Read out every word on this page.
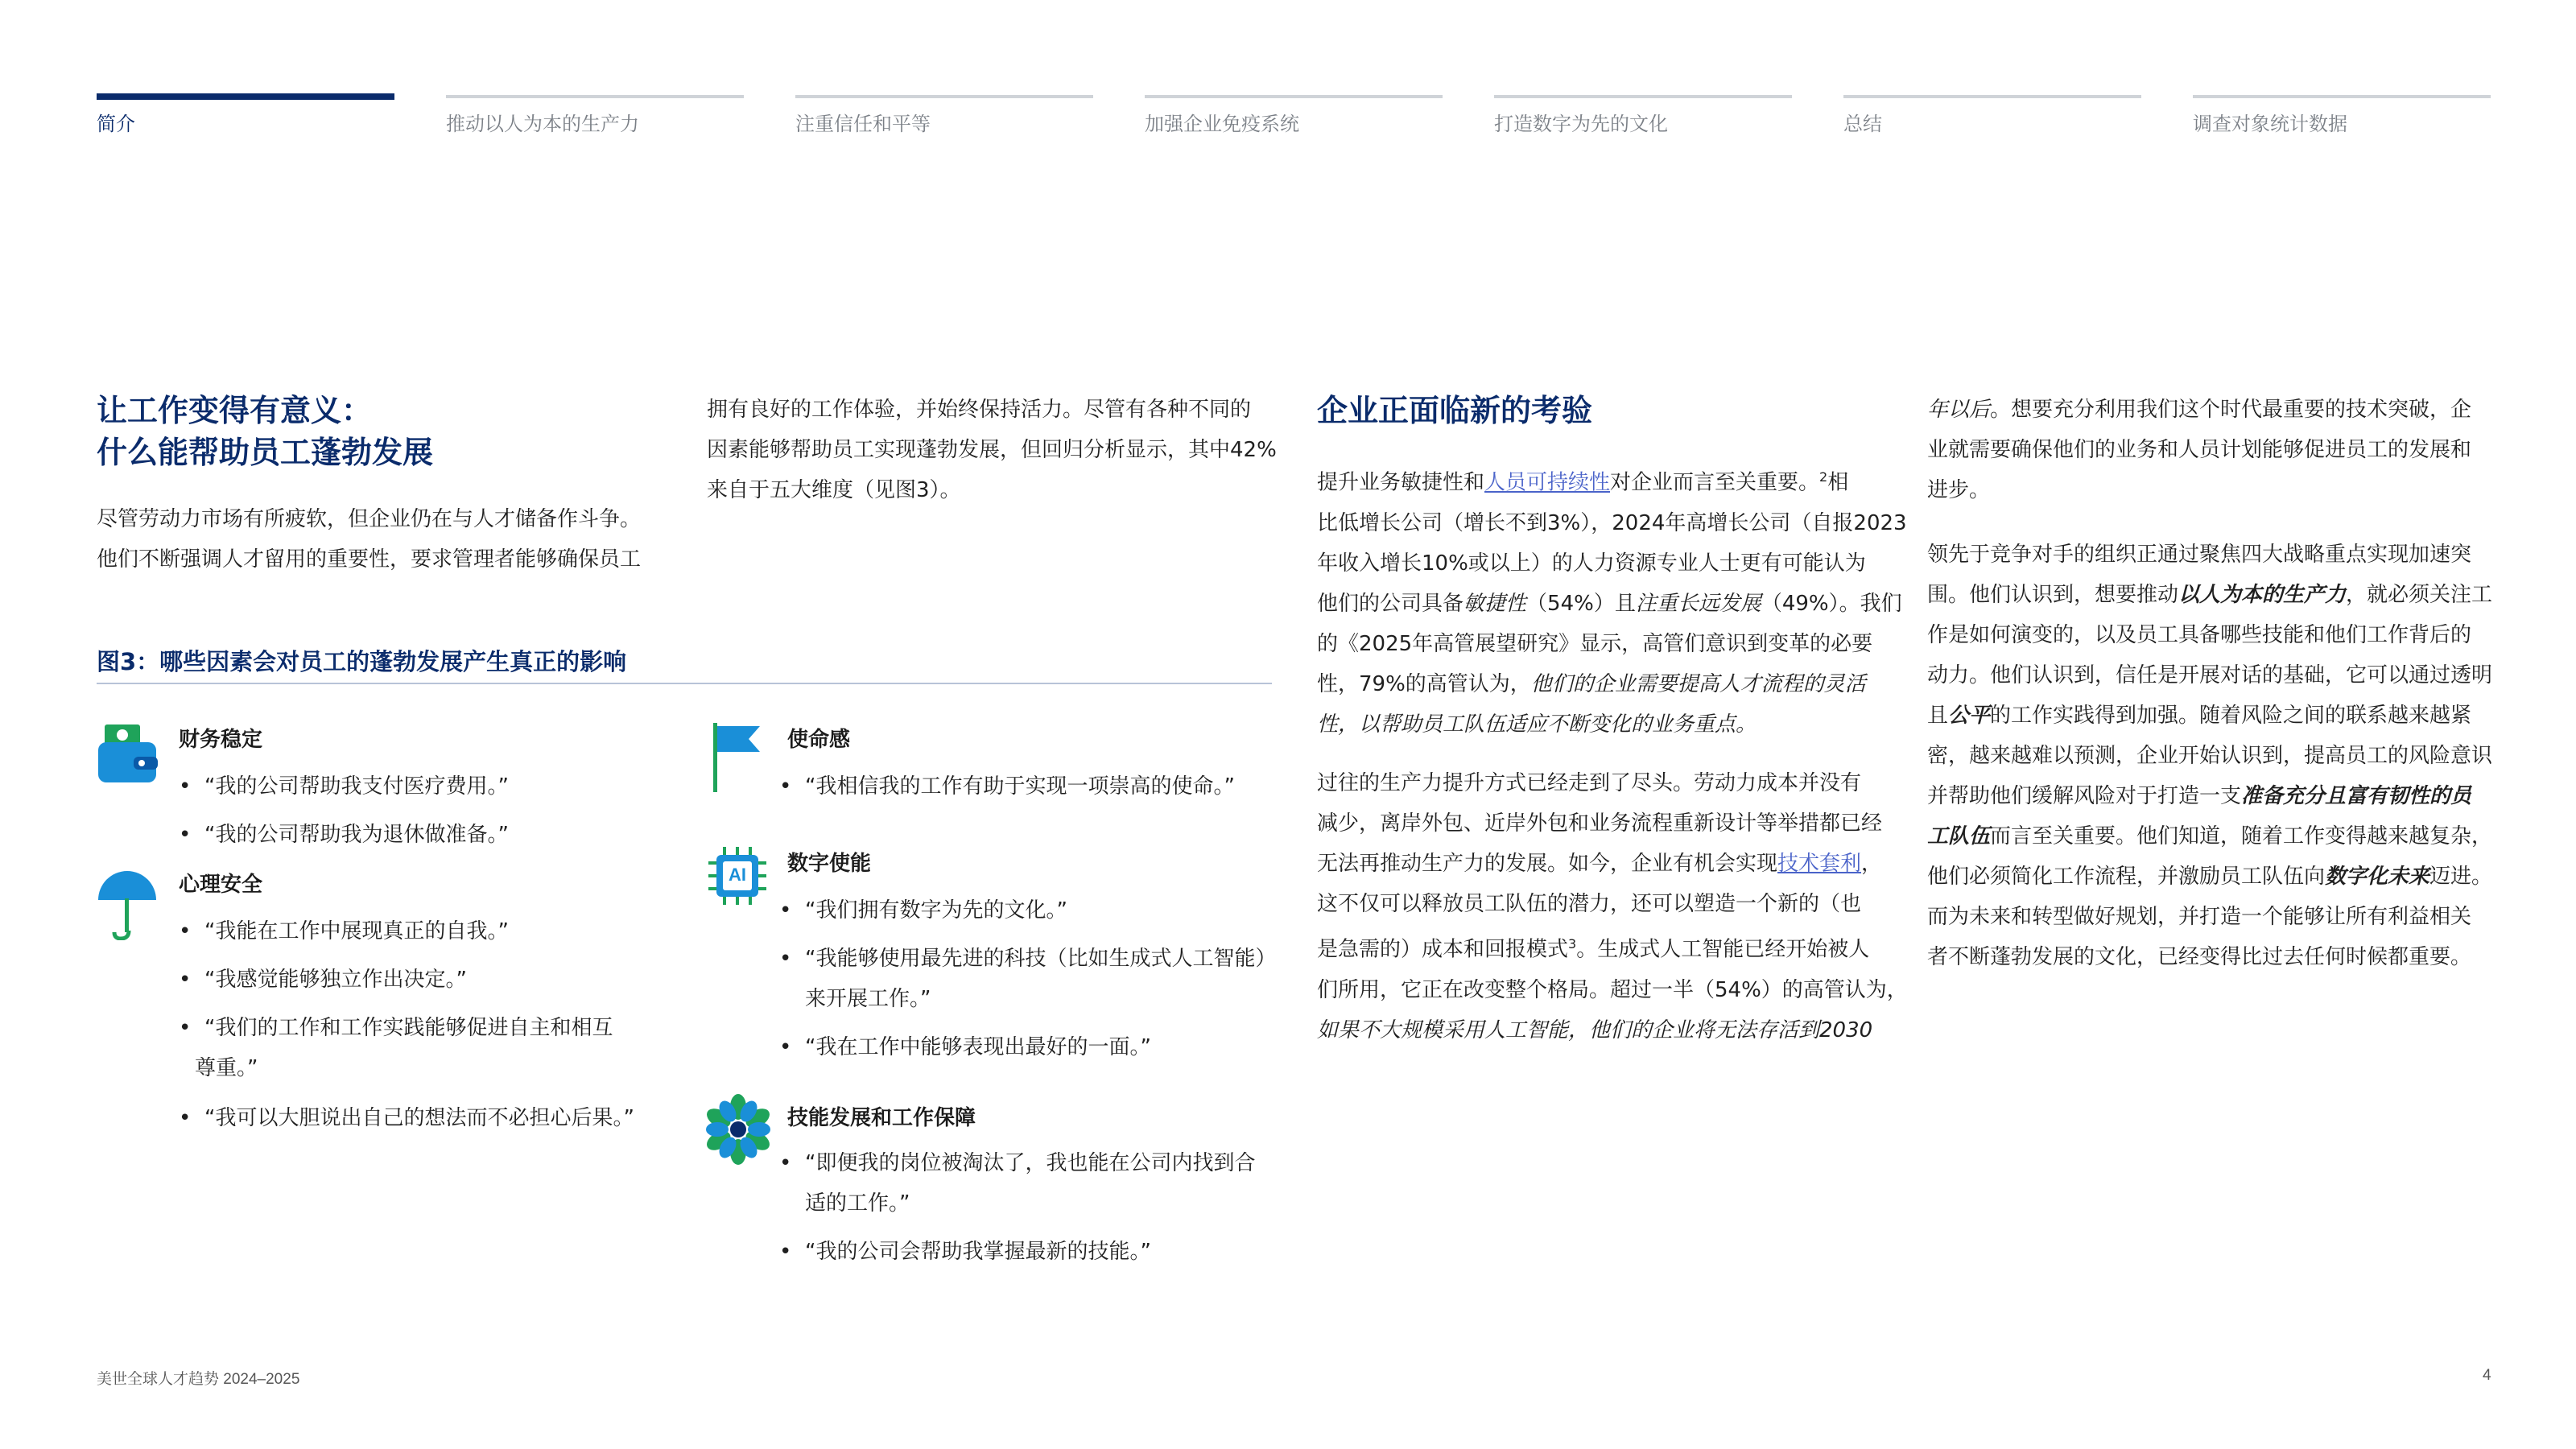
简介	推动以人为本的生产力	注重信任和平等	加强企业免疫系统	打造数字为先的文化	总结	调查对象统计数据
让工作变得有意义：
什么能帮助员工蓬勃发展
尽管劳动力市场有所疲软，但企业仍在与人才储备作斗争。
他们不断强调人才留用的重要性，要求管理者能够确保员工
拥有良好的工作体验，并始终保持活力。尽管有各种不同的
因素能够帮助员工实现蓬勃发展，但回归分析显示，其中42%
来自于五大维度（见图3）。
图3：哪些因素会对员工的蓬勃发展产生真正的影响
财务稳定
• “我的公司帮助我支付医疗费用。”
• “我的公司帮助我为退休做准备。”
心理安全
• “我能在工作中展现真正的自我。”
• “我感觉能够独立作出决定。”
• “我们的工作和工作实践能够促进自主和相互
尊重。”
• “我可以大胆说出自己的想法而不必担心后果。”
使命感
• “我相信我的工作有助于实现一项崇高的使命。”
AI 数字使能
• “我们拥有数字为先的文化。”
• “我能够使用最先进的科技（比如生成式人工智能）
来开展工作。”
• “我在工作中能够表现出最好的一面。”
技能发展和工作保障
• “即便我的岗位被淘汰了，我也能在公司内找到合
适的工作。”
• “我的公司会帮助我掌握最新的技能。”
企业正面临新的考验
提升业务敏捷性和人员可持续性对企业而言至关重要。$^2$相
比低增长公司（增长不到3%），2024年高增长公司（自报2023
年收入增长10%或以上）的人力资源专业人士更有可能认为
他们的公司具备敏捷性（54%）且注重长远发展（49%）。我们
的《2025年高管展望研究》显示，高管们意识到变革的必要
性，79%的高管认为，他们的企业需要提高人才流程的灵活
性，以帮助员工队伍适应不断变化的业务重点。
过往的生产力提升方式已经走到了尽头。劳动力成本并没有
减少，离岸外包、近岸外包和业务流程重新设计等举措都已经
无法再推动生产力的发展。如今，企业有机会实现技术套利，
这不仅可以释放员工队伍的潜力，还可以塑造一个新的（也
是急需的）成本和回报模式$^3$。生成式人工智能已经开始被人
们所用，它正在改变整个格局。超过一半（54%）的高管认为，
如果不大规模采用人工智能，他们的企业将无法存活到2030
年以后。想要充分利用我们这个时代最重要的技术突破，企
业就需要确保他们的业务和人员计划能够促进员工的发展和
进步。
领先于竞争对手的组织正通过聚焦四大战略重点实现加速突
围。他们认识到，想要推动以人为本的生产力，就必须关注工
作是如何演变的，以及员工具备哪些技能和他们工作背后的
动力。他们认识到，信任是开展对话的基础，它可以通过透明
且公平的工作实践得到加强。随着风险之间的联系越来越紧
密，越来越难以预测，企业开始认识到，提高员工的风险意识
并帮助他们缓解风险对于打造一支准备充分且富有韧性的员
工队伍而言至关重要。他们知道，随着工作变得越来越复杂，
他们必须简化工作流程，并激励员工队伍向数字化未来迈进。
而为未来和转型做好规划，并打造一个能够让所有利益相关
者不断蓬勃发展的文化，已经变得比过去任何时候都重要。
美世全球人才趋势 2024–2025	4
